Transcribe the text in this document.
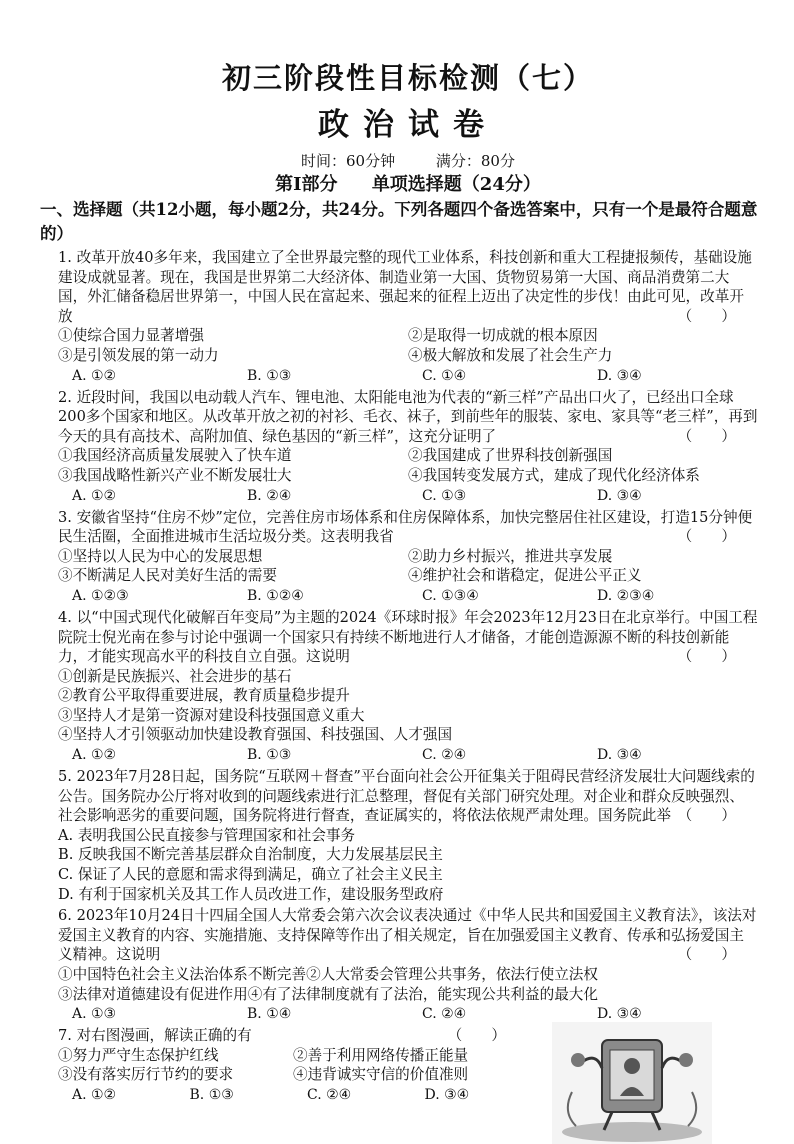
初三阶段性目标检测（七）
政治试卷
时间：60分钟	满分：80分
第Ⅰ部分 单项选择题（24分）
一、选择题（共12小题，每小题2分，共24分。下列各题四个备选答案中，只有一个是最符合题意的）
1. 改革开放40多年来，我国建立了全世界最完整的现代工业体系，科技创新和重大工程捷报频传，基础设施建设成就显著。现在，我国是世界第二大经济体、制造业第一大国、货物贸易第一大国、商品消费第二大国，外汇储备稳居世界第一，中国人民在富起来、强起来的征程上迈出了决定性的步伐！由此可见，改革开放	（　　）
①使综合国力显著增强	②是取得一切成就的根本原因
③是引领发展的第一动力	④极大解放和发展了社会生产力
A. ①②	B. ①③	C. ①④	D. ③④
2. 近段时间，我国以电动载人汽车、锂电池、太阳能电池为代表的“新三样”产品出口火了，已经出口全球200多个国家和地区。从改革开放之初的衬衫、毛衣、袜子，到前些年的服装、家电、家具等“老三样”，再到今天的具有高技术、高附加值、绿色基因的“新三样”，这充分证明了	（　　）
①我国经济高质量发展驶入了快车道	②我国建成了世界科技创新强国
③我国战略性新兴产业不断发展壮大	④我国转变发展方式，建成了现代化经济体系
A. ①②	B. ②④	C. ①③	D. ③④
3. 安徽省坚持“住房不炒”定位，完善住房市场体系和住房保障体系，加快完整居住社区建设，打造15分钟便民生活圈，全面推进城市生活垃圾分类。这表明我省	（　　）
①坚持以人民为中心的发展思想	②助力乡村振兴，推进共享发展
③不断满足人民对美好生活的需要	④维护社会和谐稳定，促进公平正义
A. ①②③	B. ①②④	C. ①③④	D. ②③④
4. 以“中国式现代化破解百年变局”为主题的2024《环球时报》年会2023年12月23日在北京举行。中国工程院院士倪光南在参与讨论中强调一个国家只有持续不断地进行人才储备，才能创造源源不断的科技创新能力，才能实现高水平的科技自立自强。这说明	（　　）
①创新是民族振兴、社会进步的基石
②教育公平取得重要进展，教育质量稳步提升
③坚持人才是第一资源对建设科技强国意义重大
④坚持人才引领驱动加快建设教育强国、科技强国、人才强国
A. ①②	B. ①③	C. ②④	D. ③④
5. 2023年7月28日起，国务院“互联网＋督查”平台面向社会公开征集关于阻碍民营经济发展壮大问题线索的公告。国务院办公厅将对收到的问题线索进行汇总整理，督促有关部门研究处理。对企业和群众反映强烈、社会影响恶劣的重要问题，国务院将进行督查，查证属实的，将依法依规严肃处理。国务院此举 （　　）
A. 表明我国公民直接参与管理国家和社会事务
B. 反映我国不断完善基层群众自治制度，大力发展基层民主
C. 保证了人民的意愿和需求得到满足，确立了社会主义民主
D. 有利于国家机关及其工作人员改进工作，建设服务型政府
6. 2023年10月24日十四届全国人大常委会第六次会议表决通过《中华人民共和国爱国主义教育法》，该法对爱国主义教育的内容、实施措施、支持保障等作出了相关规定，旨在加强爱国主义教育、传承和弘扬爱国主义精神。这说明	（　　）
①中国特色社会主义法治体系不断完善②人大常委会管理公共事务，依法行使立法权
③法律对道德建设有促进作用④有了法律制度就有了法治，能实现公共利益的最大化
A. ①③	B. ①④	C. ②④	D. ③④
7. 对右图漫画，解读正确的有	（　　）
①努力严守生态保护红线	②善于利用网络传播正能量
③没有落实厉行节约的要求	④违背诚实守信的价值准则
A. ①②	B. ①③	C. ②④	D. ③④
